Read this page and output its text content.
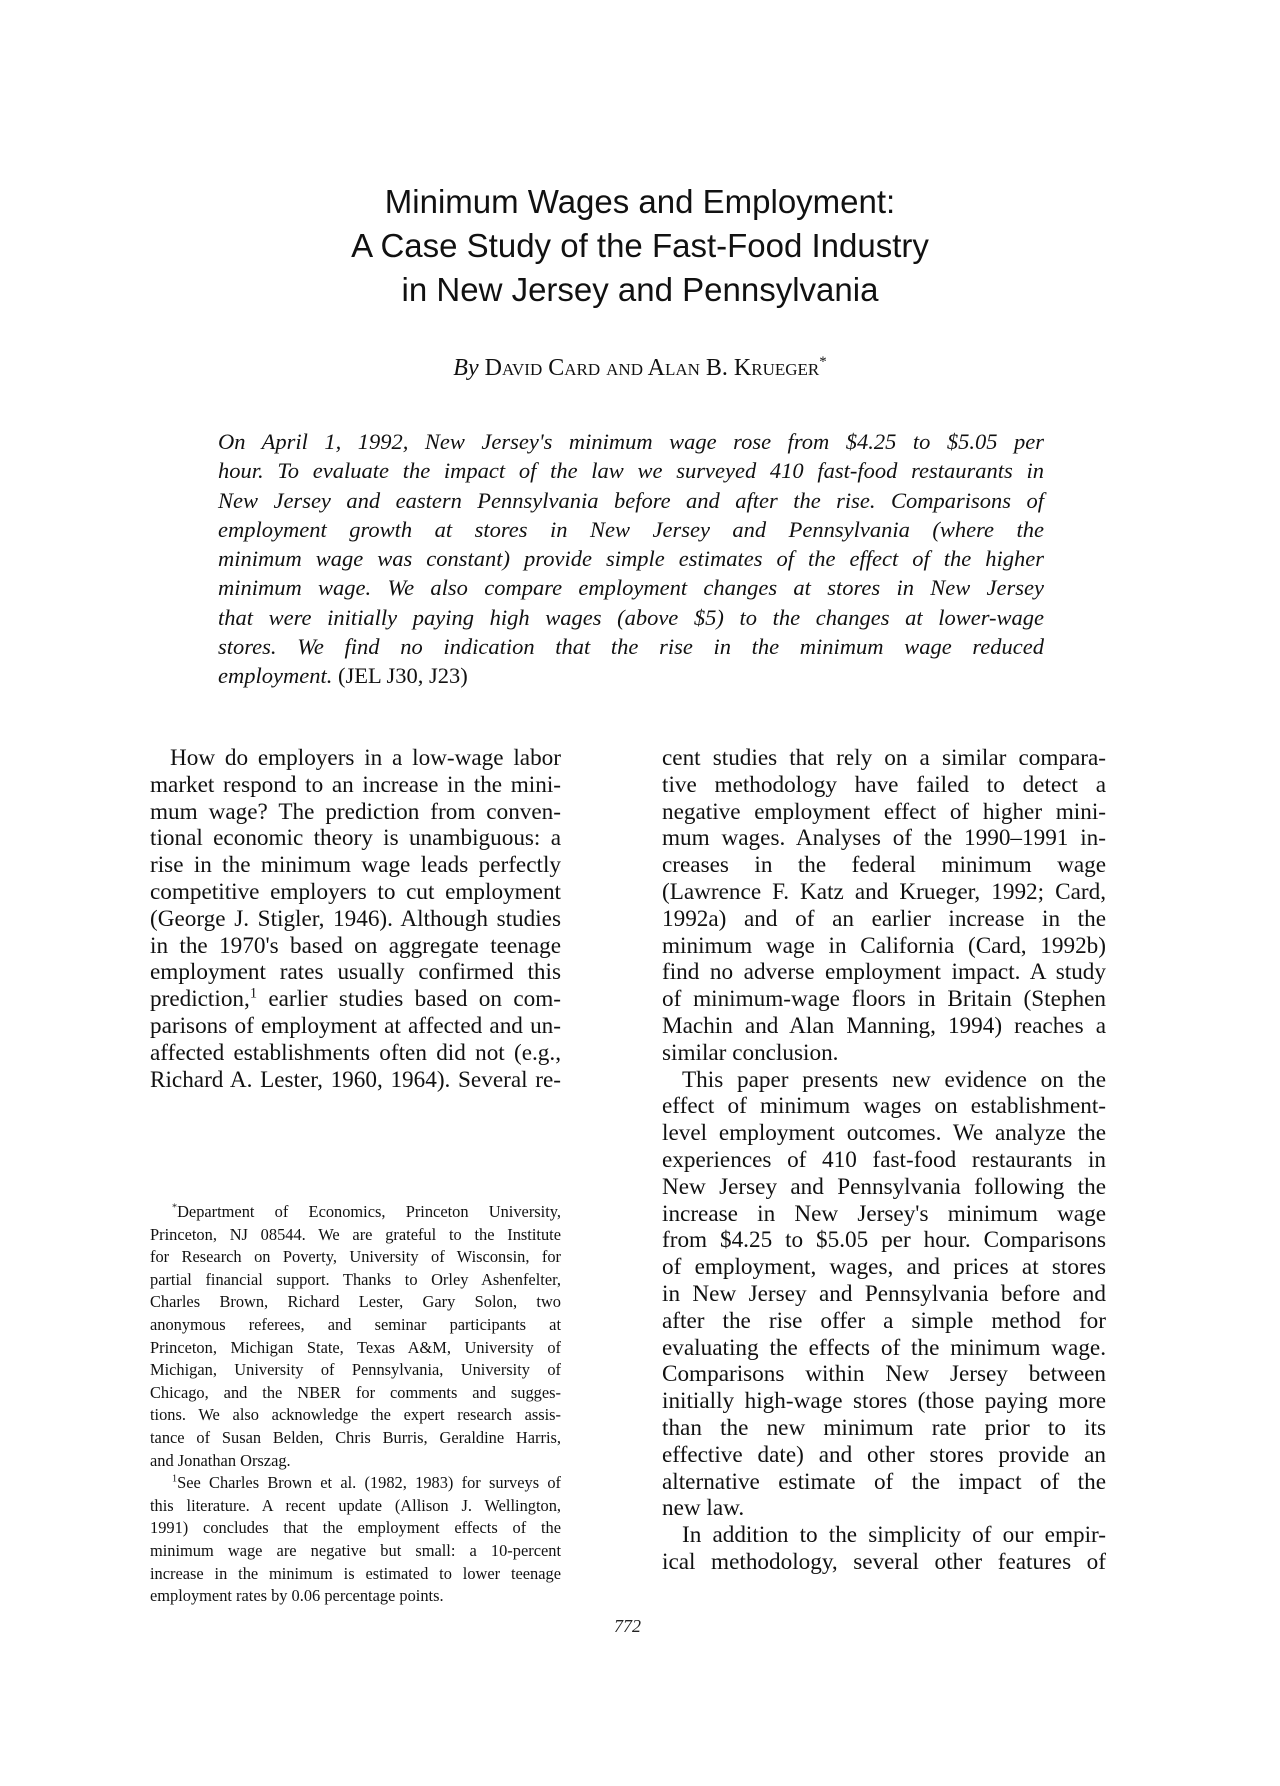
Minimum Wages and Employment:
A Case Study of the Fast-Food Industry
in New Jersey and Pennsylvania
By David Card and Alan B. Krueger*
On April 1, 1992, New Jersey's minimum wage rose from $4.25 to $5.05 per
hour. To evaluate the impact of the law we surveyed 410 fast-food restaurants in
New Jersey and eastern Pennsylvania before and after the rise. Comparisons of
employment growth at stores in New Jersey and Pennsylvania (where the
minimum wage was constant) provide simple estimates of the effect of the higher
minimum wage. We also compare employment changes at stores in New Jersey
that were initially paying high wages (above $5) to the changes at lower-wage
stores. We find no indication that the rise in the minimum wage reduced
employment. (JEL J30, J23)
How do employers in a low-wage labor
market respond to an increase in the mini-
mum wage? The prediction from conven-
tional economic theory is unambiguous: a
rise in the minimum wage leads perfectly
competitive employers to cut employment
(George J. Stigler, 1946). Although studies
in the 1970's based on aggregate teenage
employment rates usually confirmed this
prediction,$^1$ earlier studies based on com-
parisons of employment at affected and un-
affected establishments often did not (e.g.,
Richard A. Lester, 1960, 1964). Several re-
cent studies that rely on a similar compara-
tive methodology have failed to detect a
negative employment effect of higher mini-
mum wages. Analyses of the 1990–1991 in-
creases in the federal minimum wage
(Lawrence F. Katz and Krueger, 1992; Card,
1992a) and of an earlier increase in the
minimum wage in California (Card, 1992b)
find no adverse employment impact. A study
of minimum-wage floors in Britain (Stephen
Machin and Alan Manning, 1994) reaches a
similar conclusion.
This paper presents new evidence on the
effect of minimum wages on establishment-
level employment outcomes. We analyze the
experiences of 410 fast-food restaurants in
New Jersey and Pennsylvania following the
increase in New Jersey's minimum wage
from $4.25 to $5.05 per hour. Comparisons
of employment, wages, and prices at stores
in New Jersey and Pennsylvania before and
after the rise offer a simple method for
evaluating the effects of the minimum wage.
Comparisons within New Jersey between
initially high-wage stores (those paying more
than the new minimum rate prior to its
effective date) and other stores provide an
alternative estimate of the impact of the
new law.
In addition to the simplicity of our empir-
ical methodology, several other features of
*Department of Economics, Princeton University,
Princeton, NJ 08544. We are grateful to the Institute
for Research on Poverty, University of Wisconsin, for
partial financial support. Thanks to Orley Ashenfelter,
Charles Brown, Richard Lester, Gary Solon, two
anonymous referees, and seminar participants at
Princeton, Michigan State, Texas A&M, University of
Michigan, University of Pennsylvania, University of
Chicago, and the NBER for comments and sugges-
tions. We also acknowledge the expert research assis-
tance of Susan Belden, Chris Burris, Geraldine Harris,
and Jonathan Orszag.
$^1$See Charles Brown et al. (1982, 1983) for surveys of
this literature. A recent update (Allison J. Wellington,
1991) concludes that the employment effects of the
minimum wage are negative but small: a 10-percent
increase in the minimum is estimated to lower teenage
employment rates by 0.06 percentage points.
772
